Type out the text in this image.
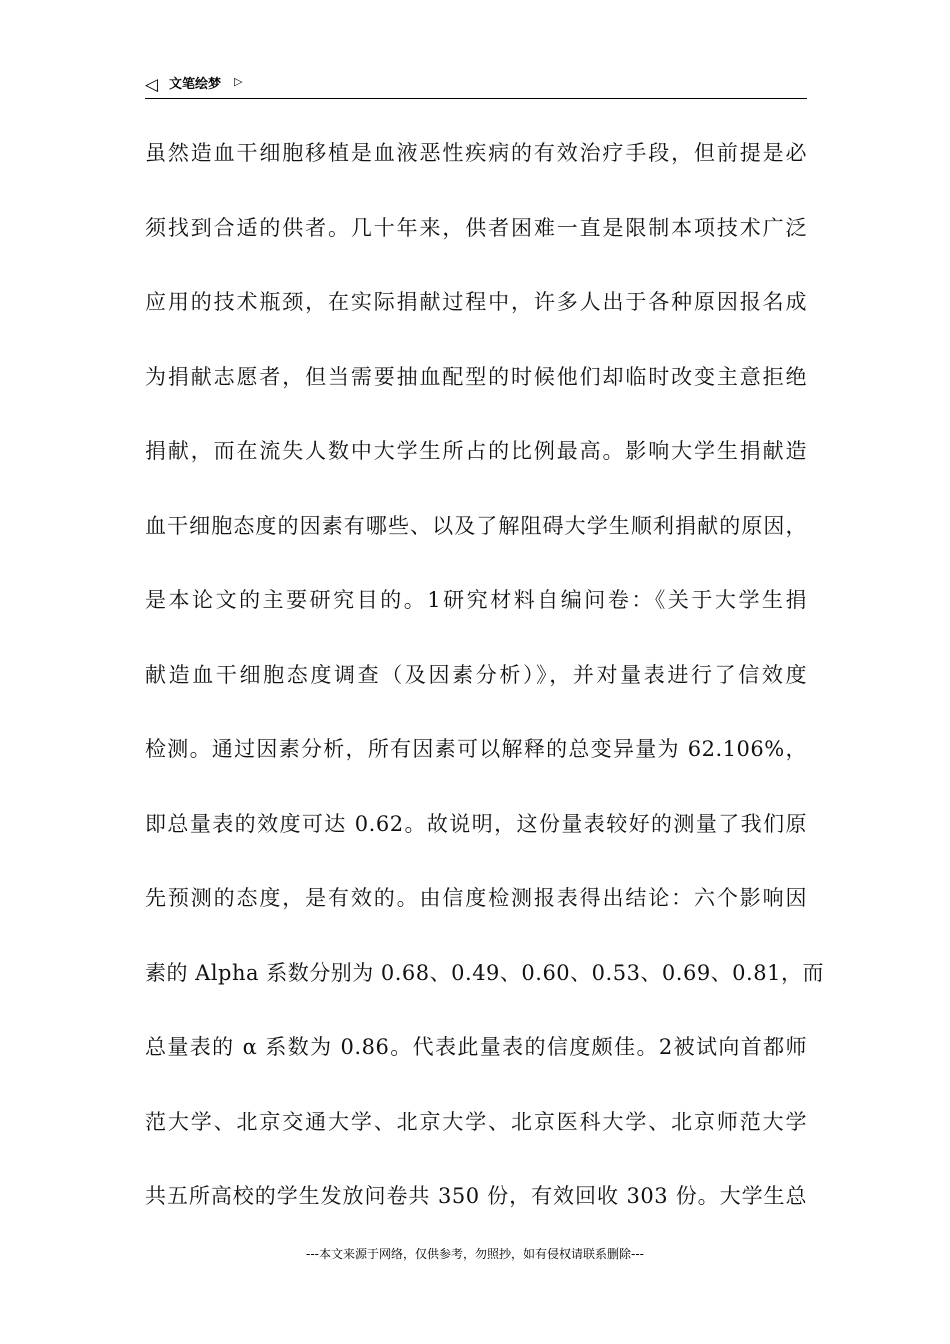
◁ 文笔绘梦 ▷
虽然造血干细胞移植是血液恶性疾病的有效治疗手段，但前提是必
须找到合适的供者。几十年来，供者困难一直是限制本项技术广泛
应用的技术瓶颈，在实际捐献过程中，许多人出于各种原因报名成
为捐献志愿者，但当需要抽血配型的时候他们却临时改变主意拒绝
捐献，而在流失人数中大学生所占的比例最高。影响大学生捐献造
血干细胞态度的因素有哪些、以及了解阻碍大学生顺利捐献的原因，
是本论文的主要研究目的。1研究材料自编问卷：《关于大学生捐
献造血干细胞态度调查（及因素分析）》，并对量表进行了信效度
检测。通过因素分析，所有因素可以解释的总变异量为 62.106%，
即总量表的效度可达 0.62。故说明，这份量表较好的测量了我们原
先预测的态度，是有效的。由信度检测报表得出结论：六个影响因
素的 Alpha 系数分别为 0.68、0.49、0.60、0.53、0.69、0.81，而
总量表的 α 系数为 0.86。代表此量表的信度颇佳。2被试向首都师
范大学、北京交通大学、北京大学、北京医科大学、北京师范大学
共五所高校的学生发放问卷共 350 份，有效回收 303 份。大学生总
---本文来源于网络，仅供参考，勿照抄，如有侵权请联系删除---
